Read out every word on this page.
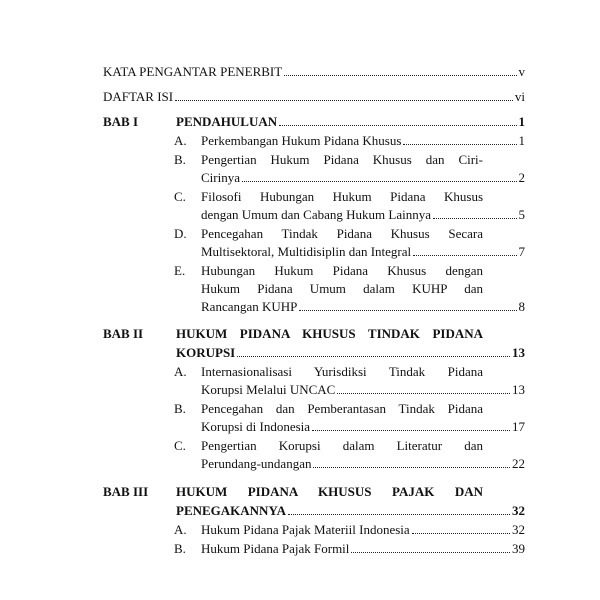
KATA PENGANTAR PENERBIT	v
DAFTAR ISI	vi
BAB I	PENDAHULUAN	1
A. Perkembangan Hukum Pidana Khusus	1
B. Pengertian Hukum Pidana Khusus dan Ciri-
Cirinya	2
C. Filosofi Hubungan Hukum Pidana Khusus
dengan Umum dan Cabang Hukum Lainnya	5
D. Pencegahan Tindak Pidana Khusus Secara
Multisektoral, Multidisiplin dan Integral	7
E. Hubungan Hukum Pidana Khusus dengan
Hukum Pidana Umum dalam KUHP dan
Rancangan KUHP	8
BAB II	HUKUM PIDANA KHUSUS TINDAK PIDANA
KORUPSI	13
A. Internasionalisasi Yurisdiksi Tindak Pidana
Korupsi Melalui UNCAC	13
B. Pencegahan dan Pemberantasan Tindak Pidana
Korupsi di Indonesia	17
C. Pengertian Korupsi dalam Literatur dan
Perundang-undangan	22
BAB III HUKUM PIDANA KHUSUS PAJAK DAN
PENEGAKANNYA	32
A. Hukum Pidana Pajak Materiil Indonesia	32
B. Hukum Pidana Pajak Formil	39
